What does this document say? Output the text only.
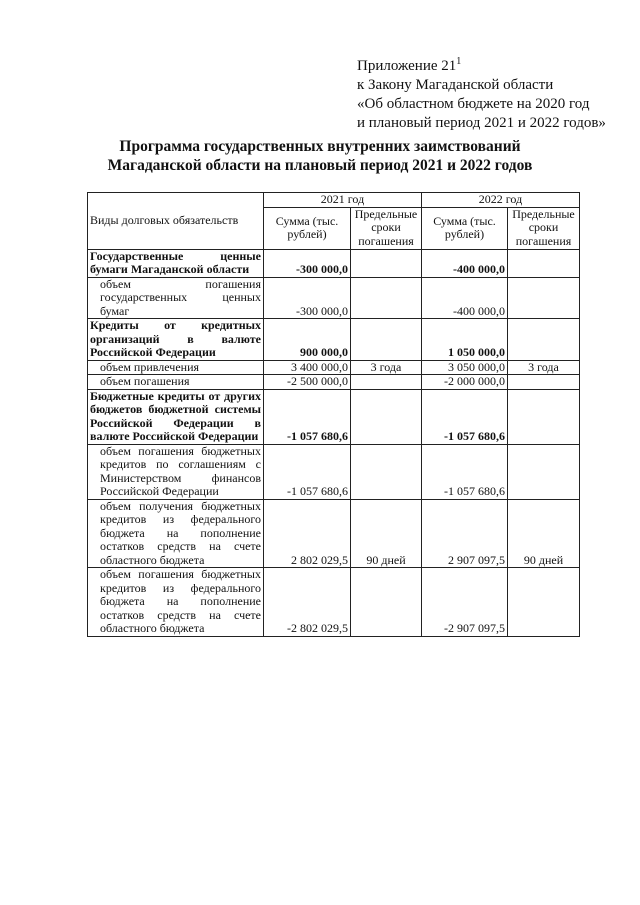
Приложение $21^1$
к Закону Магаданской области
«Об областном бюджете на 2020 год
и плановый период 2021 и 2022 годов»
Программа государственных внутренних заимствований
Магаданской области на плановый период 2021 и 2022 годов
Виды долговых обязательств	2021 год		2022 год	
	Сумма (тыс. рублей)	Предельные сроки погашения	Сумма (тыс. рублей)	Предельные сроки погашения
Государственные ценные бумаги Магаданской области	-300 000,0		-400 000,0	
объем погашения государственных ценных бумаг	-300 000,0		-400 000,0	
Кредиты от кредитных организаций в валюте Российской Федерации	900 000,0		1 050 000,0	
объем привлечения	3 400 000,0	3 года	3 050 000,0	3 года
объем погашения	-2 500 000,0		-2 000 000,0	
Бюджетные кредиты от других бюджетов бюджетной системы Российской Федерации в валюте Российской Федерации	-1 057 680,6		-1 057 680,6	
объем погашения бюджетных кредитов по соглашениям с Министерством финансов Российской Федерации	-1 057 680,6		-1 057 680,6	
объем получения бюджетных кредитов из федерального бюджета на пополнение остатков средств на счете областного бюджета	2 802 029,5	90 дней	2 907 097,5	90 дней
объем погашения бюджетных кредитов из федерального бюджета на пополнение остатков средств на счете областного бюджета	-2 802 029,5		-2 907 097,5	
